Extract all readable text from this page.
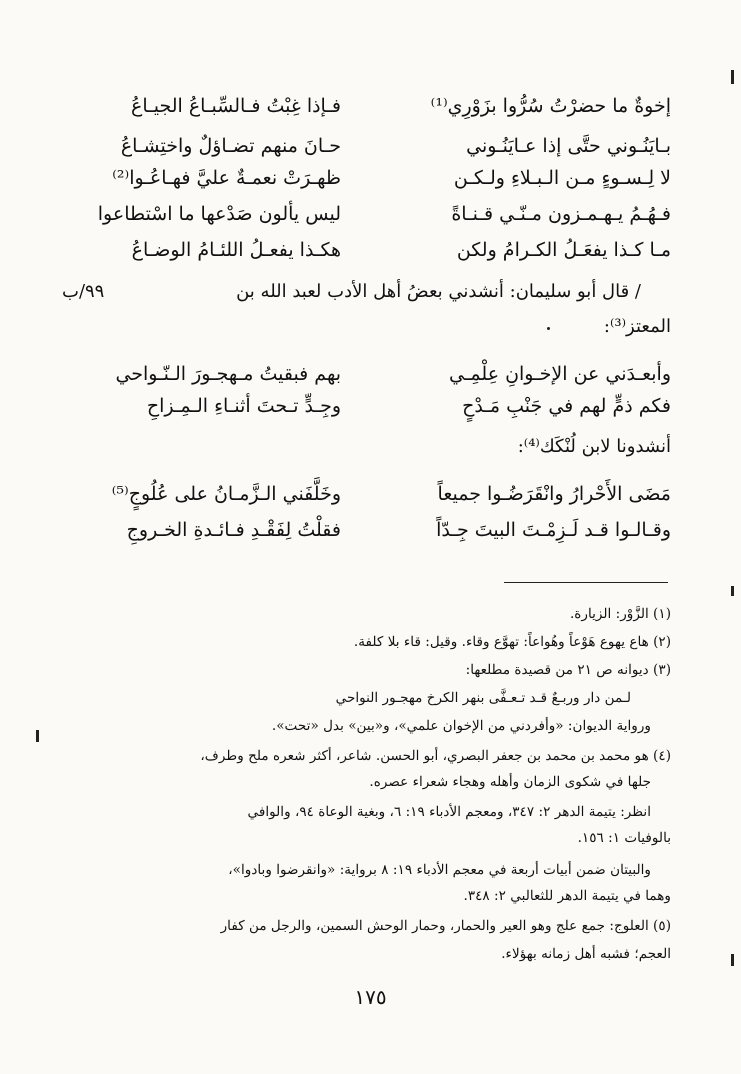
إخوةٌ ما حضرْتُ سُرُّوا بزَوْرِي⁽¹⁾
فـإذا غِبْتُ فـالسِّبـاعُ الجيـاعُ
بـايَنُـوني حتَّى إذا عـايَنُـوني
حـانَ منهم تضـاؤلٌ واختِشـاعُ
لا لِـسـوءٍ مـن الـبـلاءِ ولـكـن
ظهـرَتْ نعمـةٌ عليَّ فهـاعُـوا⁽²⁾
فـهُـمُ يـهـمـزون مـنّـي قـنـاةً
ليس يألون صَدْعها ما اسْتطاعوا
مـا كـذا يفعَـلُ الكـرامُ ولكن
هكـذا يفعـلُ اللئـامُ الوضـاعُ
/ قال أبو سليمان: أنشدني بعضُ أهل الأدب لعبد الله بن
٩٩/ب
المعتز⁽³⁾:
وأبعـدَني عن الإخـوانِ عِلْمِـي
بهم فبقيتُ مـهجـورَ الـنّـواحي
فكم ذمٍّ لهم في جَنْبِ مَـدْحٍ
وجِـدٍّ تـحتَ أثنـاءِ الـمِـزاحِ
أنشدونا لابن لُنْكَك⁽⁴⁾:
مَضَى الأَحْرارُ وانْقَرَضُـوا جميعاً
وخَلَّفَني الـزَّمـانُ على عُلُوجٍ⁽⁵⁾
وقـالـوا قـد لَـزِمْـتَ البيتَ جِـدّاً
فقلْتُ لِفَقْـدِ فـائـدةِ الخـروجِ
(١) الزَّوْر: الزيارة.
(٢) هاع يهوع هَوْعاً وهُواعاً: تهوَّع وقاء. وقيل: قاء بلا كلفة.
(٣) ديوانه ص ٢١ من قصيدة مطلعها:
لـمن دار وربـعٌ قـد تـعـفَّى بنهر الكرخ مهجـور النواحي
ورواية الديوان: «وأفردني من الإخوان علمي»، و«بين» بدل «تحت».
(٤) هو محمد بن محمد بن جعفر البصري، أبو الحسن. شاعر، أكثر شعره ملح وطرف،
جلها في شكوى الزمان وأهله وهجاء شعراء عصره.
انظر: يتيمة الدهر ٢: ٣٤٧، ومعجم الأدباء ١٩: ٦، وبغية الوعاة ٩٤، والوافي
بالوفيات ١: ١٥٦.
والبيتان ضمن أبيات أربعة في معجم الأدباء ١٩: ٨ برواية: «وانقرضوا وبادوا»،
وهما في يتيمة الدهر للثعالبي ٢: ٣٤٨.
(٥) العلوج: جمع علج وهو العير والحمار، وحمار الوحش السمين، والرجل من كفار
العجم؛ فشبه أهل زمانه بهؤلاء.
١٧٥
